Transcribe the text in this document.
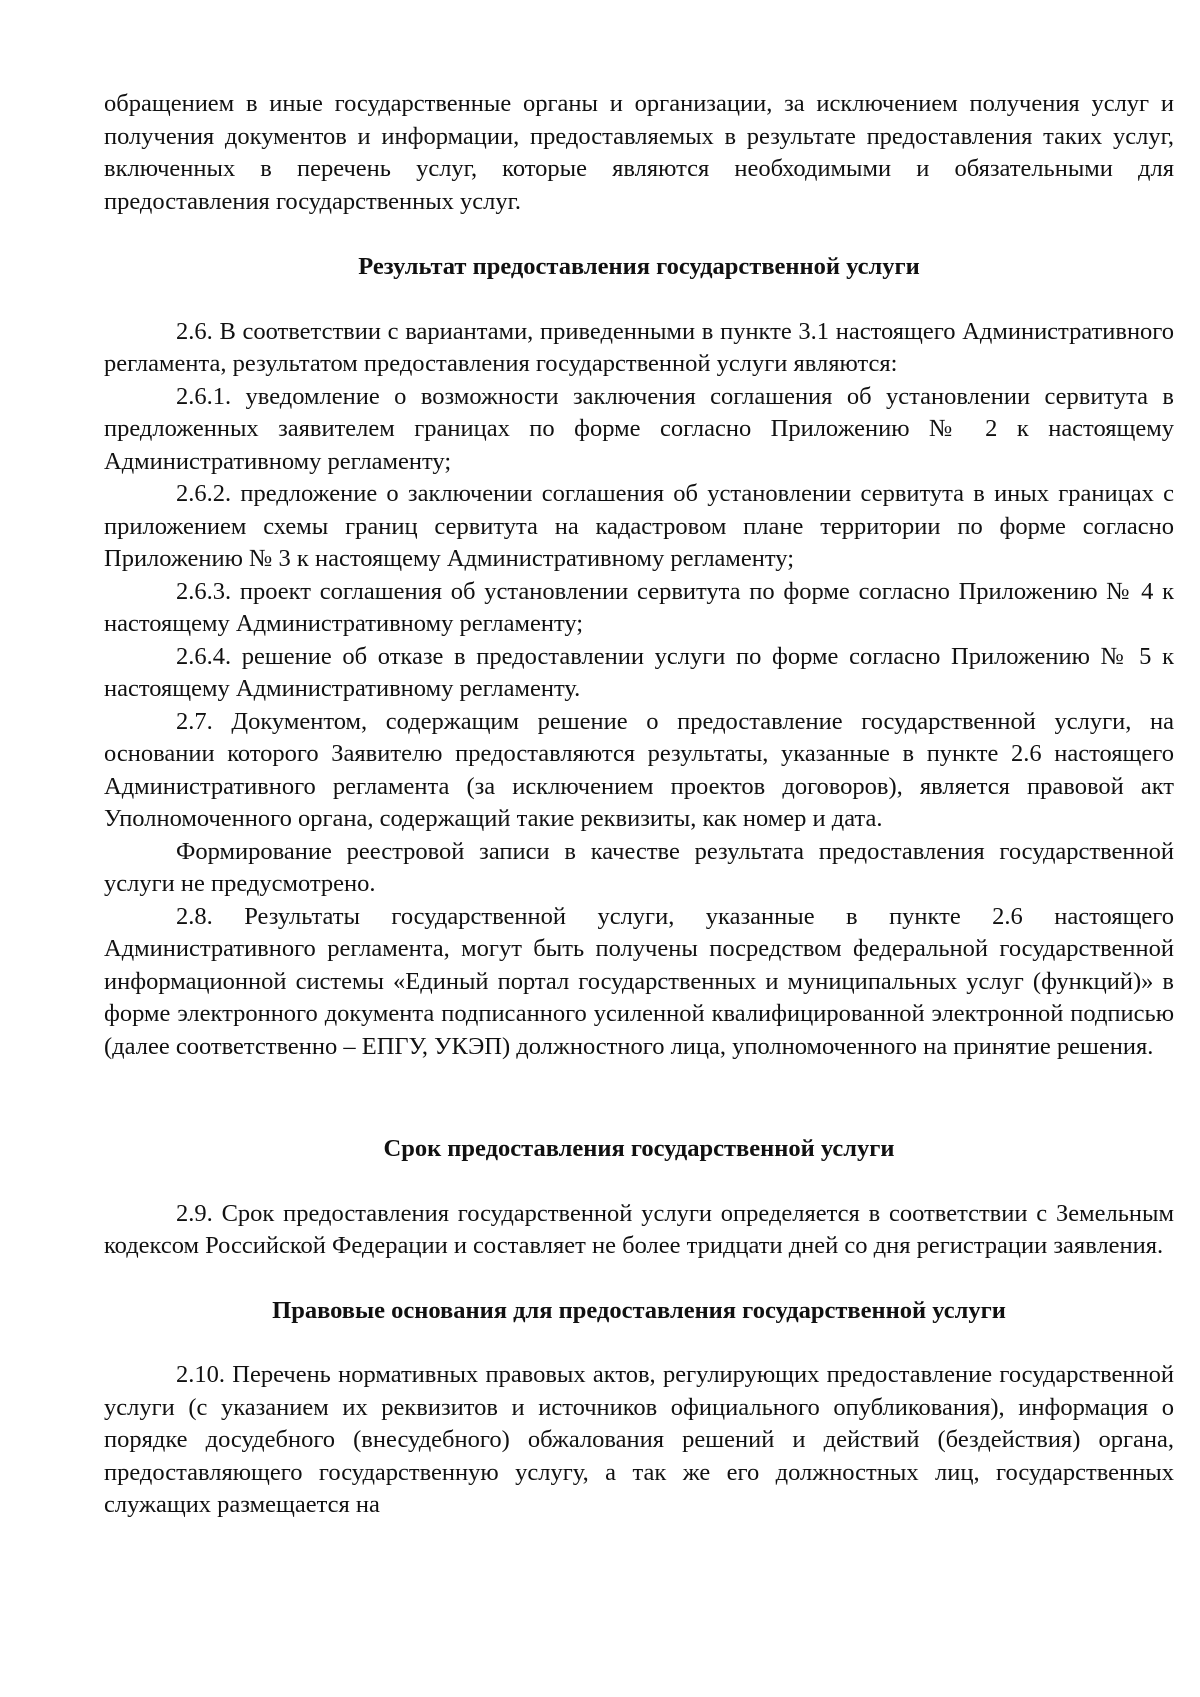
обращением в иные государственные органы и организации, за исключением получения услуг и получения документов и информации, предоставляемых в результате предоставления таких услуг, включенных в перечень услуг, которые являются необходимыми и обязательными для предоставления государственных услуг.

Результат предоставления государственной услуги

2.6. В соответствии с вариантами, приведенными в пункте 3.1 настоящего Административного регламента, результатом предоставления государственной услуги являются:

2.6.1. уведомление о возможности заключения соглашения об установлении сервитута в предложенных заявителем границах по форме согласно Приложению № 2 к настоящему Административному регламенту;

2.6.2. предложение о заключении соглашения об установлении сервитута в иных границах с приложением схемы границ сервитута на кадастровом плане территории по форме согласно Приложению № 3 к настоящему Административному регламенту;

2.6.3. проект соглашения об установлении сервитута по форме согласно Приложению № 4 к настоящему Административному регламенту;

2.6.4. решение об отказе в предоставлении услуги по форме согласно Приложению № 5 к настоящему Административному регламенту.

2.7. Документом, содержащим решение о предоставление государственной услуги, на основании которого Заявителю предоставляются результаты, указанные в пункте 2.6 настоящего Административного регламента (за исключением проектов договоров), является правовой акт Уполномоченного органа, содержащий такие реквизиты, как номер и дата.

Формирование реестровой записи в качестве результата предоставления государственной услуги не предусмотрено.

2.8. Результаты государственной услуги, указанные в пункте 2.6 настоящего Административного регламента, могут быть получены посредством федеральной государственной информационной системы «Единый портал государственных и муниципальных услуг (функций)» в форме электронного документа подписанного усиленной квалифицированной электронной подписью (далее соответственно – ЕПГУ, УКЭП) должностного лица, уполномоченного на принятие решения.

Срок предоставления государственной услуги

2.9. Срок предоставления государственной услуги определяется в соответствии с Земельным кодексом Российской Федерации и составляет не более тридцати дней со дня регистрации заявления.

Правовые основания для предоставления государственной услуги

2.10. Перечень нормативных правовых актов, регулирующих предоставление государственной услуги (с указанием их реквизитов и источников официального опубликования), информация о порядке досудебного (внесудебного) обжалования решений и действий (бездействия) органа, предоставляющего государственную услугу, а так же его должностных лиц, государственных служащих размещается на
